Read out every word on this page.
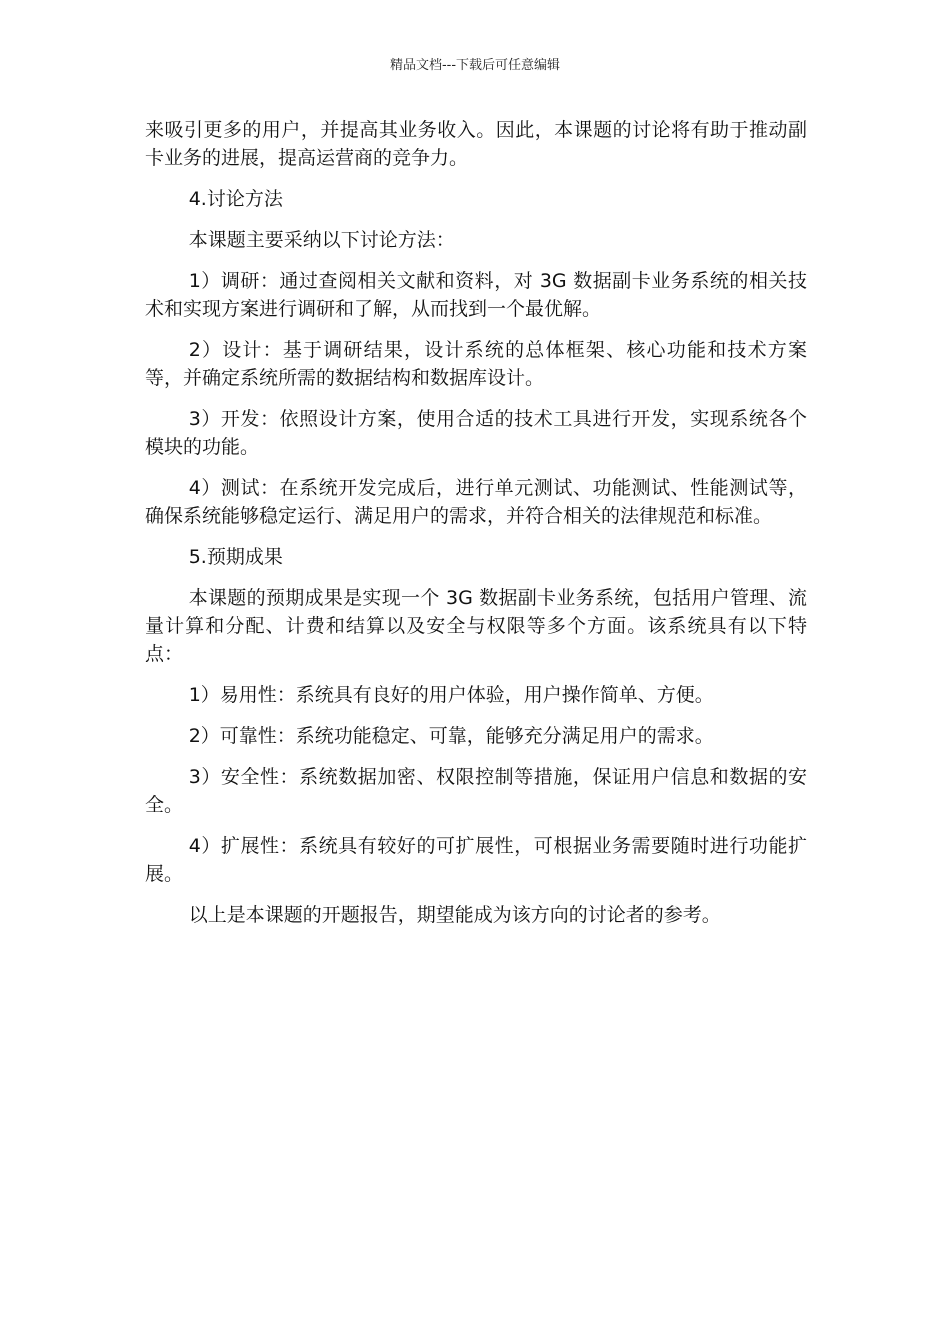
精品文档---下载后可任意编辑

来吸引更多的用户，并提高其业务收入。因此，本课题的讨论将有助于推动副卡业务的进展，提高运营商的竞争力。

4.讨论方法

本课题主要采纳以下讨论方法：

1）调研：通过查阅相关文献和资料，对 3G 数据副卡业务系统的相关技术和实现方案进行调研和了解，从而找到一个最优解。

2）设计：基于调研结果，设计系统的总体框架、核心功能和技术方案等，并确定系统所需的数据结构和数据库设计。

3）开发：依照设计方案，使用合适的技术工具进行开发，实现系统各个模块的功能。

4）测试：在系统开发完成后，进行单元测试、功能测试、性能测试等，确保系统能够稳定运行、满足用户的需求，并符合相关的法律规范和标准。

5.预期成果

本课题的预期成果是实现一个 3G 数据副卡业务系统，包括用户管理、流量计算和分配、计费和结算以及安全与权限等多个方面。该系统具有以下特点：

1）易用性：系统具有良好的用户体验，用户操作简单、方便。

2）可靠性：系统功能稳定、可靠，能够充分满足用户的需求。

3）安全性：系统数据加密、权限控制等措施，保证用户信息和数据的安全。

4）扩展性：系统具有较好的可扩展性，可根据业务需要随时进行功能扩展。

以上是本课题的开题报告，期望能成为该方向的讨论者的参考。
